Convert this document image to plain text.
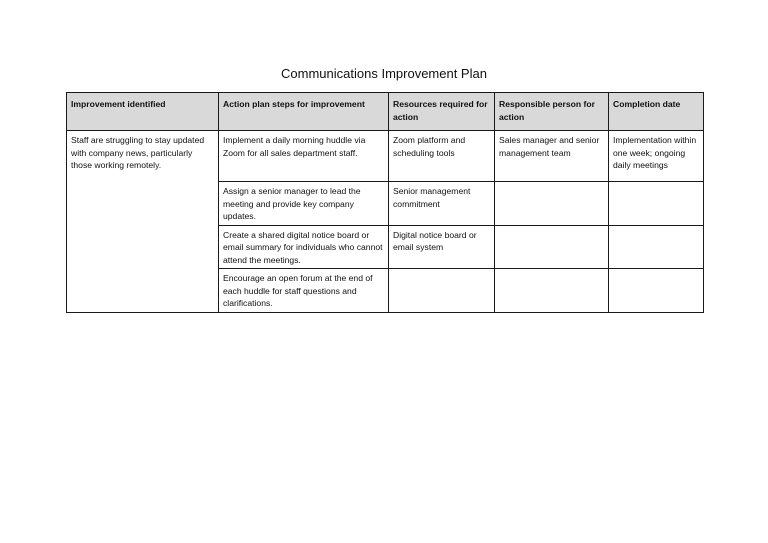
Communications Improvement Plan
Improvement identified	Action plan steps for improvement	Resources required for action	Responsible person for action	Completion date
Staff are struggling to stay updated with company news, particularly those working remotely.	Implement a daily morning huddle via Zoom for all sales department staff.	Zoom platform and scheduling tools	Sales manager and senior management team	Implementation within one week; ongoing daily meetings
	Assign a senior manager to lead the meeting and provide key company updates.	Senior management commitment		
	Create a shared digital notice board or email summary for individuals who cannot attend the meetings.	Digital notice board or email system		
	Encourage an open forum at the end of each huddle for staff questions and clarifications.			
